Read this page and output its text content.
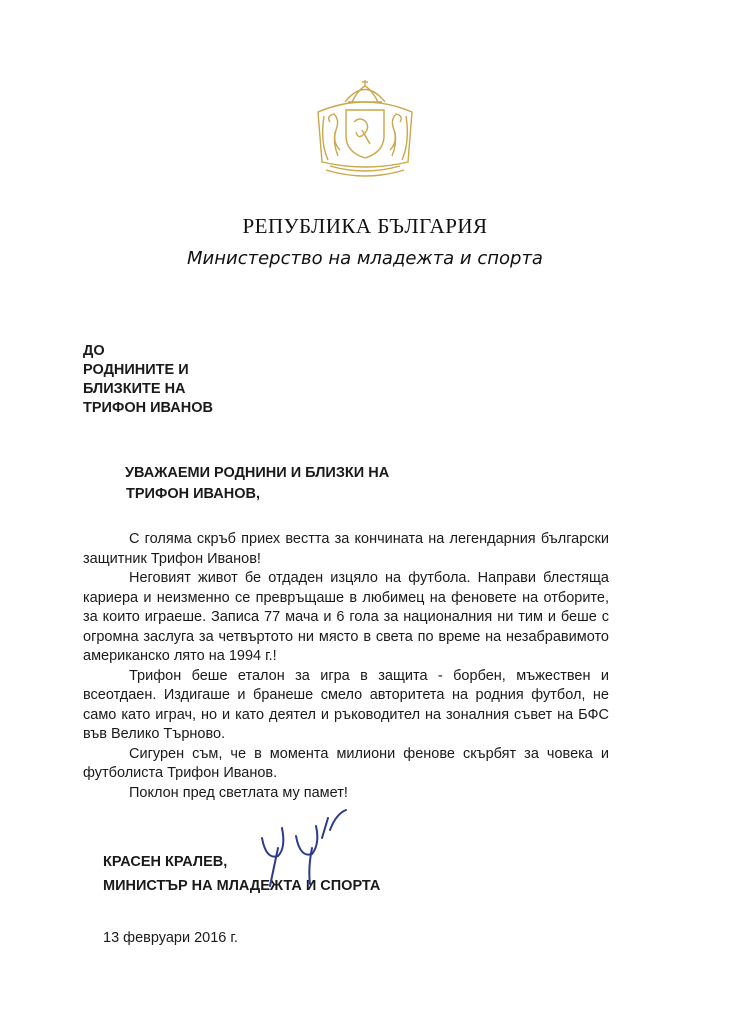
РЕПУБЛИКА БЪЛГАРИЯ
Министерство на младежта и спорта
ДО
РОДНИНИТЕ И
БЛИЗКИТЕ НА
ТРИФОН ИВАНОВ
УВАЖАЕМИ РОДНИНИ И БЛИЗКИ НА
ТРИФОН ИВАНОВ,

С голяма скръб приех вестта за кончината на легендарния български защитник Трифон Иванов!

Неговият живот бе отдаден изцяло на футбола. Направи блестяща кариера и неизменно се превръщаше в любимец на феновете на отборите, за които играеше. Записа 77 мача и 6 гола за националния ни тим и беше с огромна заслуга за четвъртото ни място в света по време на незабравимото американско лято на 1994 г.!

Трифон беше еталон за игра в защита - борбен, мъжествен и всеотдаен. Издигаше и бранеше смело авторитета на родния футбол, не само като играч, но и като деятел и ръководител на зоналния съвет на БФС във Велико Търново.

Сигурен съм, че в момента милиони фенове скърбят за човека и футболиста Трифон Иванов.

Поклон пред светлата му памет!

КРАСЕН КРАЛЕВ,
МИНИСТЪР НА МЛАДЕЖТА И СПОРТА
13 февруари 2016 г.
